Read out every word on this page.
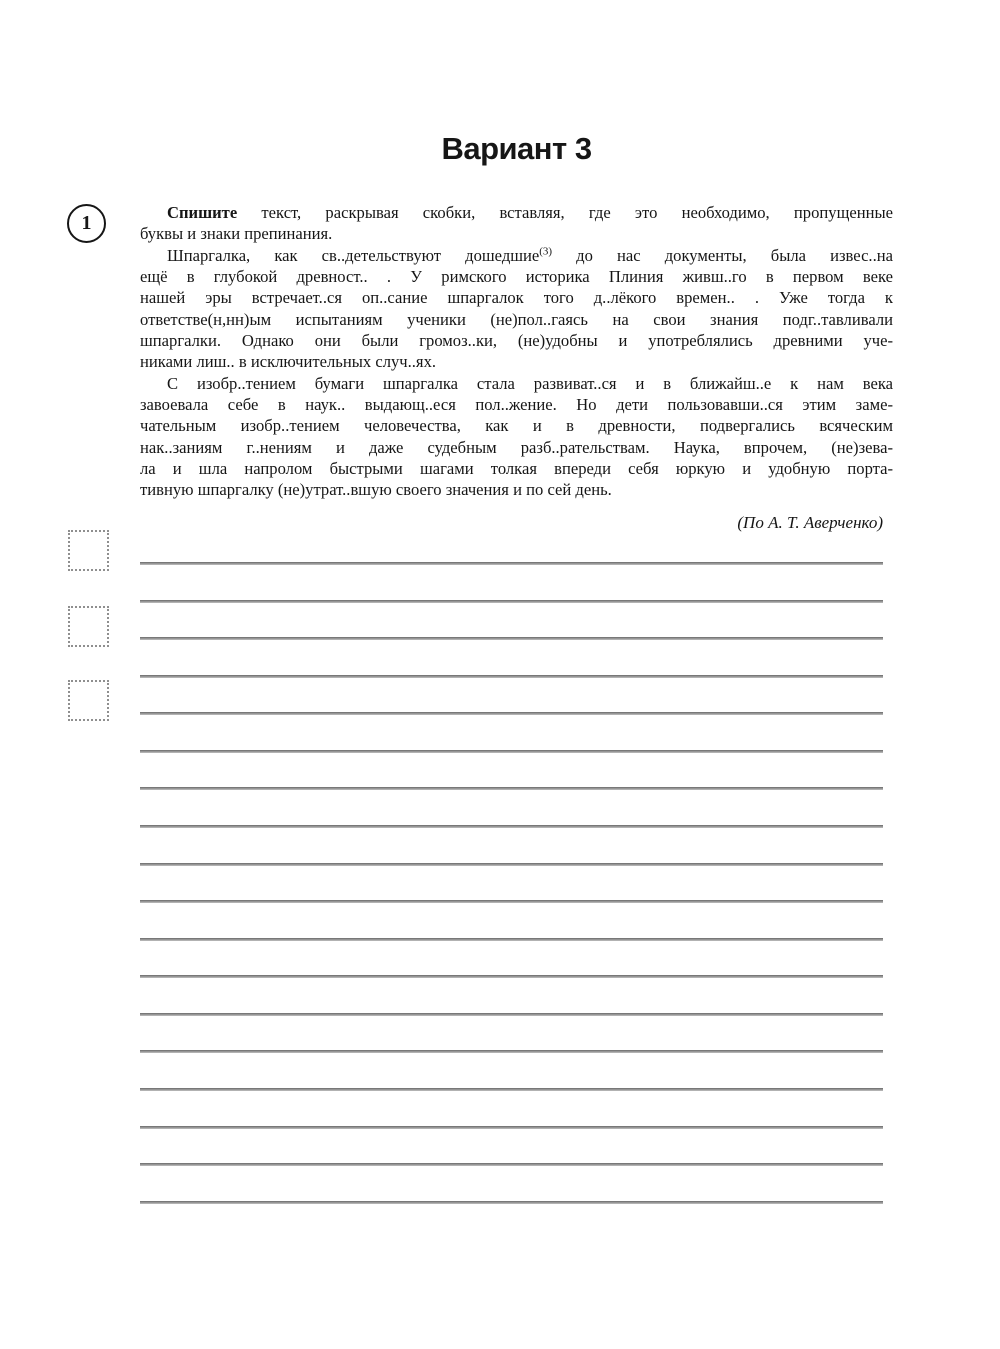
Вариант 3
1	Спишите текст, раскрывая скобки, вставляя, где это необходимо, пропущенные
буквы и знаки препинания.
Шпаргалка, как св..детельствуют дошедшие$^{(3)}$ до нас документы, была извес..на
ещё в глубокой древност.. . У римского историка Плиния живш..го в первом веке
нашей эры встречает..ся оп..сание шпаргалок того д..лёкого времен.. . Уже тогда к
ответстве(н,нн)ым испытаниям ученики (не)пол..гаясь на свои знания подг..тавливали
шпаргалки. Однако они были громоз..ки, (не)удобны и употреблялись древними уче-
никами лиш.. в исключительных случ..ях.
С изобр..тением бумаги шпаргалка стала развиват..ся и в ближайш..е к нам века
завоевала себе в наук.. выдающ..еся пол..жение. Но дети пользовавши..ся этим заме-
чательным изобр..тением человечества, как и в древности, подвергались всяческим
нак..заниям г..нениям и даже судебным разб..рательствам. Наука, впрочем, (не)зева-
ла и шла напролом быстрыми шагами толкая впереди себя юркую и удобную порта-
тивную шпаргалку (не)утрат..вшую своего значения и по сей день.
(По А. Т. Аверченко)
